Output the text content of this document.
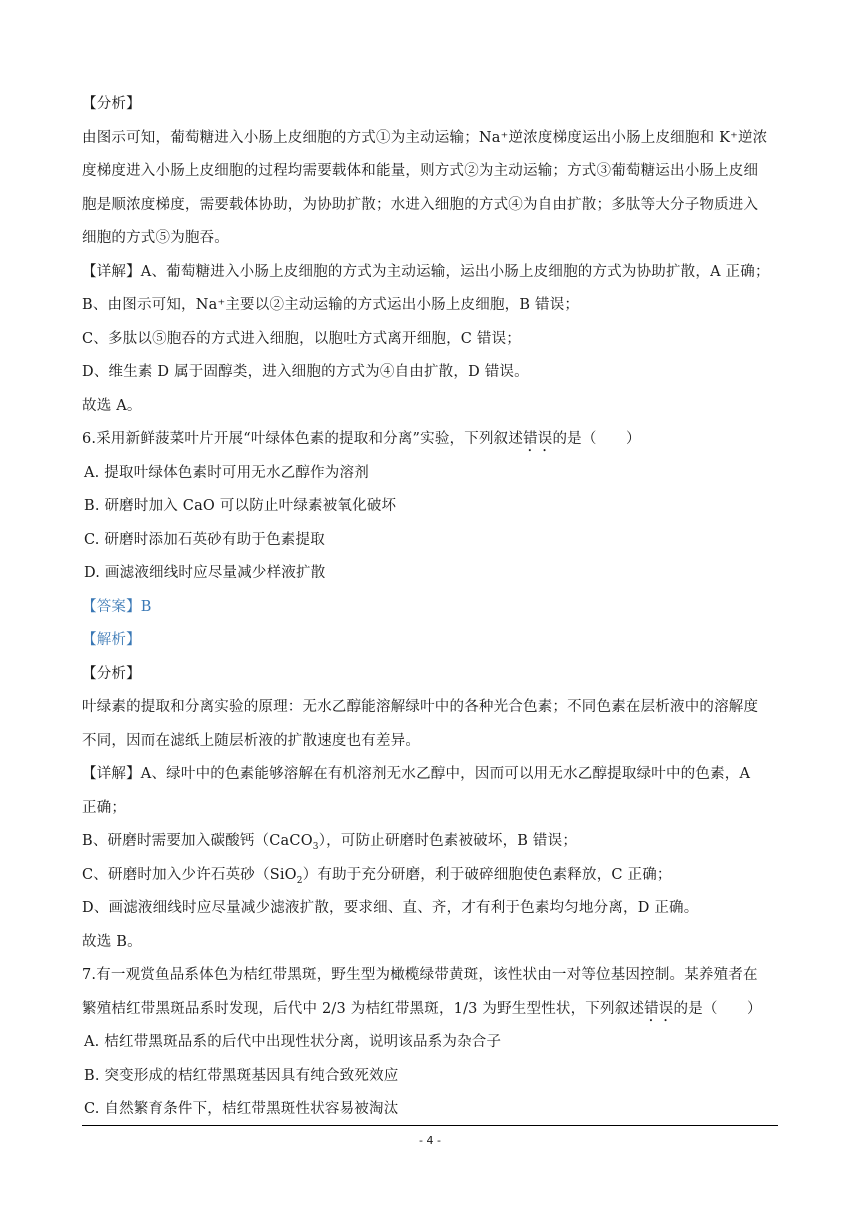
【分析】
由图示可知，葡萄糖进入小肠上皮细胞的方式①为主动运输；Na⁺逆浓度梯度运出小肠上皮细胞和 K⁺逆浓
度梯度进入小肠上皮细胞的过程均需要载体和能量，则方式②为主动运输；方式③葡萄糖运出小肠上皮细
胞是顺浓度梯度，需要载体协助，为协助扩散；水进入细胞的方式④为自由扩散；多肽等大分子物质进入
细胞的方式⑤为胞吞。
【详解】A、葡萄糖进入小肠上皮细胞的方式为主动运输，运出小肠上皮细胞的方式为协助扩散，A 正确；
B、由图示可知，Na⁺主要以②主动运输的方式运出小肠上皮细胞，B 错误；
C、多肽以⑤胞吞的方式进入细胞，以胞吐方式离开细胞，C 错误；
D、维生素 D 属于固醇类，进入细胞的方式为④自由扩散，D 错误。
故选 A。
6.采用新鲜菠菜叶片开展“叶绿体色素的提取和分离”实验，下列叙述错误的是（　　）
A. 提取叶绿体色素时可用无水乙醇作为溶剂
B. 研磨时加入 CaO 可以防止叶绿素被氧化破坏
C. 研磨时添加石英砂有助于色素提取
D. 画滤液细线时应尽量减少样液扩散
【答案】B
【解析】
【分析】
叶绿素的提取和分离实验的原理：无水乙醇能溶解绿叶中的各种光合色素；不同色素在层析液中的溶解度
不同，因而在滤纸上随层析液的扩散速度也有差异。
【详解】A、绿叶中的色素能够溶解在有机溶剂无水乙醇中，因而可以用无水乙醇提取绿叶中的色素，A
正确；
B、研磨时需要加入碳酸钙（CaCO$_3$），可防止研磨时色素被破坏，B 错误；
C、研磨时加入少许石英砂（SiO$_2$）有助于充分研磨，利于破碎细胞使色素释放，C 正确；
D、画滤液细线时应尽量减少滤液扩散，要求细、直、齐，才有利于色素均匀地分离，D 正确。
故选 B。
7.有一观赏鱼品系体色为桔红带黑斑，野生型为橄榄绿带黄斑，该性状由一对等位基因控制。某养殖者在
繁殖桔红带黑斑品系时发现，后代中 2/3 为桔红带黑斑，1/3 为野生型性状，下列叙述错误的是（　　）
A. 桔红带黑斑品系的后代中出现性状分离，说明该品系为杂合子
B. 突变形成的桔红带黑斑基因具有纯合致死效应
C. 自然繁育条件下，桔红带黑斑性状容易被淘汰
- 4 -
